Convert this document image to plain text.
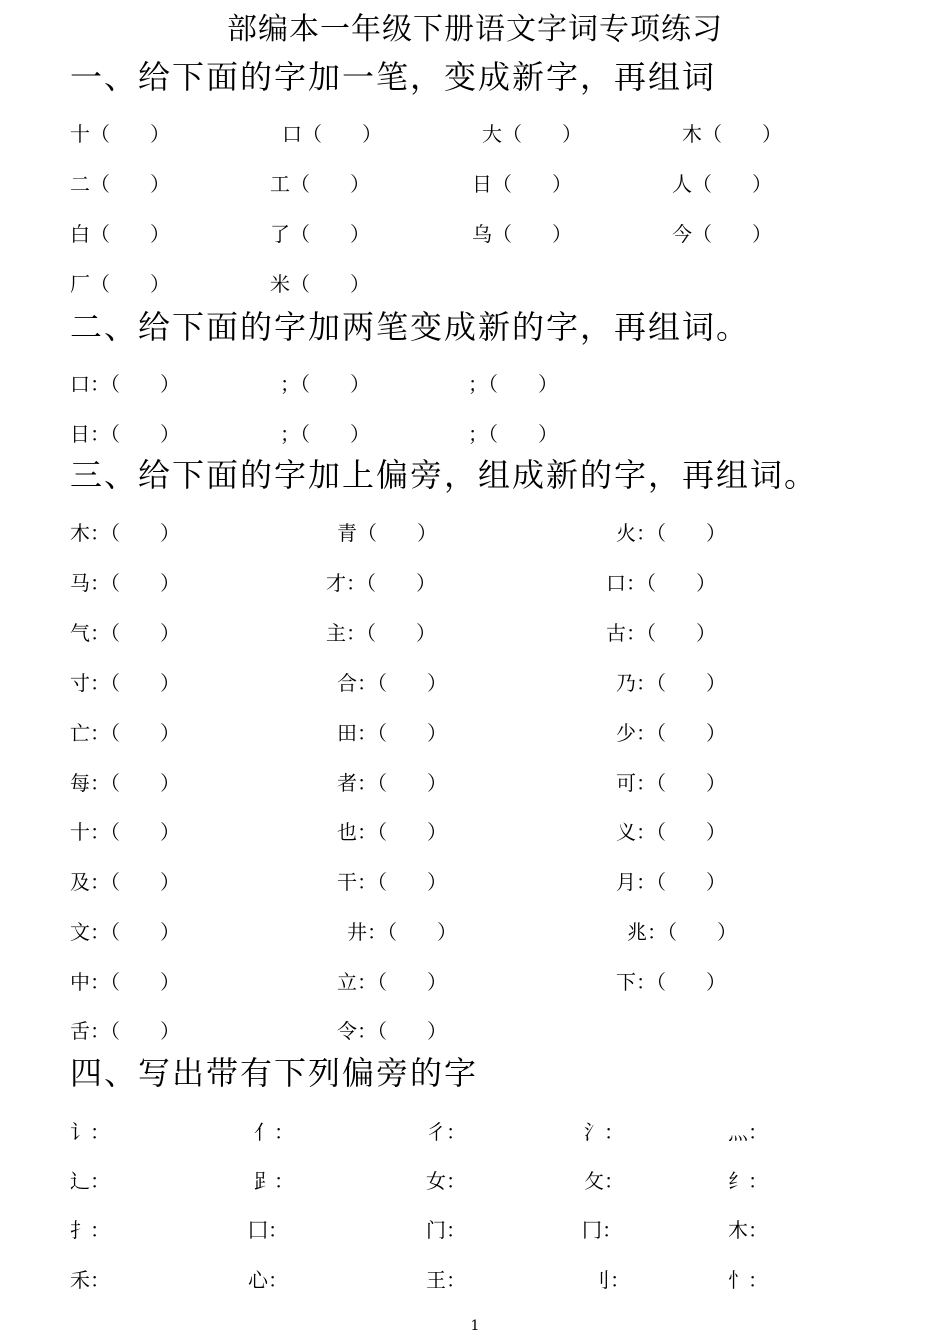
部编本一年级下册语文字词专项练习
一、给下面的字加一笔，变成新字，再组词
十（　　）	口（　　）	大（　　）	木（　　）
二（　　）	工（　　）	日（　　）	人（　　）
白（　　）	了（　　）	乌（　　）	今（　　）
厂（　　）	米（　　）
二、给下面的字加两笔变成新的字，再组词。
口：（　　）	；（　　）	；（　　）
日：（　　）	；（　　）	；（　　）
三、给下面的字加上偏旁，组成新的字，再组词。
木：（　　）	青（　　）	火：（　　）
马：（　　）	才：（　　）	口：（　　）
气：（　　）	主：（　　）	古：（　　）
寸：（　　）	合：（　　）	乃：（　　）
亡：（　　）	田：（　　）	少：（　　）
每：（　　）	者：（　　）	可：（　　）
十：（　　）	也：（　　）	义：（　　）
及：（　　）	干：（　　）	月：（　　）
文：（　　）	井：（　　）	兆：（　　）
中：（　　）	立：（　　）	下：（　　）
舌：（　　）	令：（　　）
四、写出带有下列偏旁的字
讠：	亻：	彳：	氵：	灬：
辶：	𧾷：	女：	攵：	纟：
扌：	囗：	门：	冂：	木：
禾：	心：	王：	刂：	忄：
1
